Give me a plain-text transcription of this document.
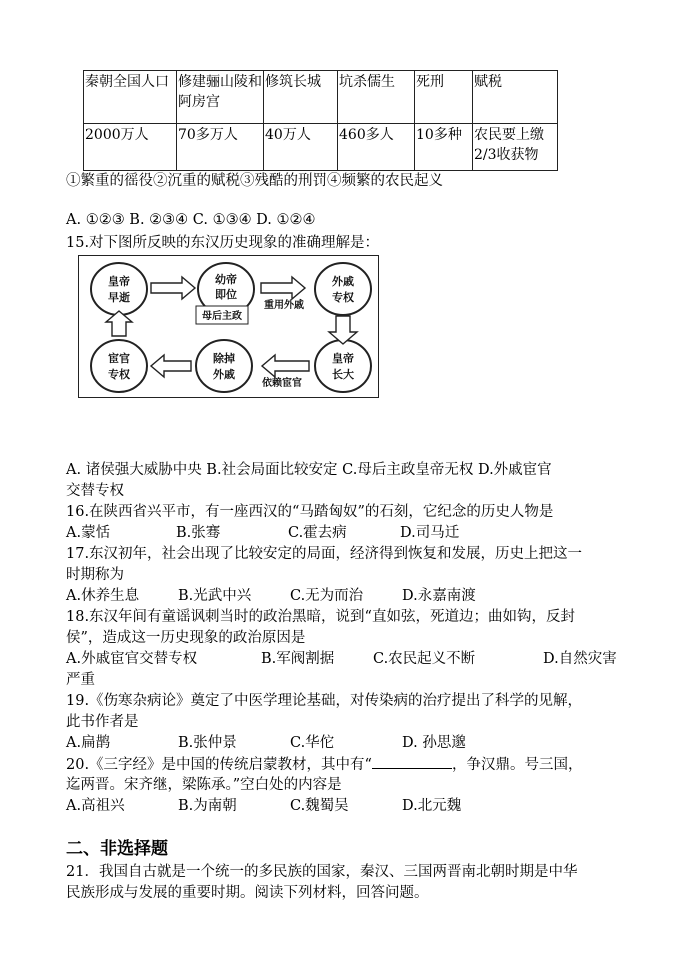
秦朝全国人口	修建骊山陵和阿房宫	修筑长城	坑杀儒生	死刑	赋税
2000万人	70多万人	40万人	460多人	10多种	农民要上缴2/3收获物
①繁重的徭役②沉重的赋税③残酷的刑罚④频繁的农民起义
A. ①②③ B. ②③④ C. ①③④ D. ①②④
15.对下图所反映的东汉历史现象的准确理解是：
皇帝
早逝
幼帝
即位
外戚
专权
皇帝
长大
除掉
外戚
宦官
专权
母后主政
重用外戚
依赖宦官
A. 诸侯强大威胁中央 B.社会局面比较安定 C.母后主政皇帝无权 D.外戚宦官
交替专权
16.在陕西省兴平市，有一座西汉的“马踏匈奴”的石刻，它纪念的历史人物是
A.蒙恬	B.张骞	C.霍去病	D.司马迁
17.东汉初年，社会出现了比较安定的局面，经济得到恢复和发展，历史上把这一
时期称为
A.休养生息	B.光武中兴	C.无为而治	D.永嘉南渡
18.东汉年间有童谣讽刺当时的政治黑暗，说到“直如弦，死道边；曲如钩，反封
侯”，造成这一历史现象的政治原因是
A.外戚宦官交替专权	B.军阀割据	C.农民起义不断	D.自然灾害
严重
19.《伤寒杂病论》奠定了中医学理论基础，对传染病的治疗提出了科学的见解，
此书作者是
A.扁鹊	B.张仲景	C.华佗	D. 孙思邈
20.《三字经》是中国的传统启蒙教材，其中有“	，争汉鼎。号三国，
迄两晋。宋齐继，梁陈承。”空白处的内容是
A.高祖兴	B.为南朝	C.魏蜀吴	D.北元魏
二、非选择题
21．我国自古就是一个统一的多民族的国家，秦汉、三国两晋南北朝时期是中华
民族形成与发展的重要时期。阅读下列材料，回答问题。
